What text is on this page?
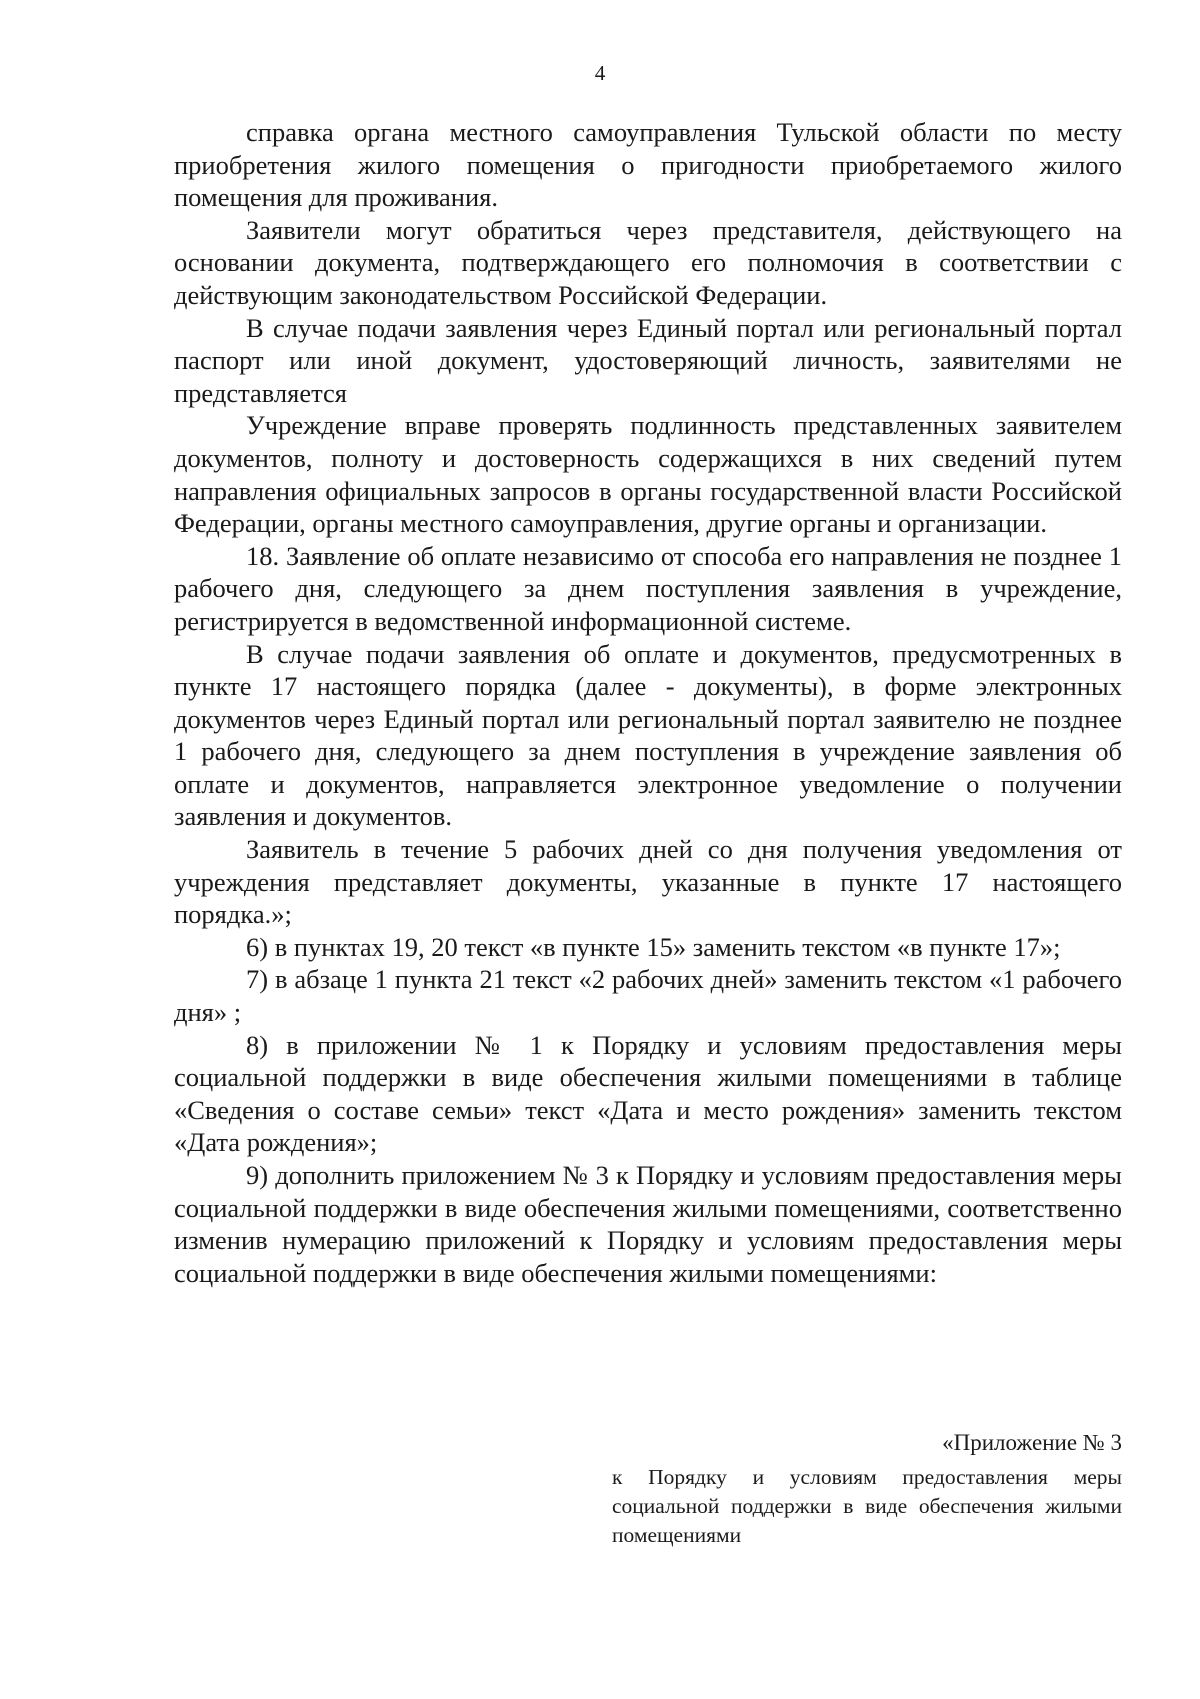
4

справка органа местного самоуправления Тульской области по месту приобретения жилого помещения о пригодности приобретаемого жилого помещения для проживания.

Заявители могут обратиться через представителя, действующего на основании документа, подтверждающего его полномочия в соответствии с действующим законодательством Российской Федерации.

В случае подачи заявления через Единый портал или региональный портал паспорт или иной документ, удостоверяющий личность, заявителями не представляется

Учреждение вправе проверять подлинность представленных заявителем документов, полноту и достоверность содержащихся в них сведений путем направления официальных запросов в органы государственной власти Российской Федерации, органы местного самоуправления, другие органы и организации.

18. Заявление об оплате независимо от способа его направления не позднее 1 рабочего дня, следующего за днем поступления заявления в учреждение, регистрируется в ведомственной информационной системе.

В случае подачи заявления об оплате и документов, предусмотренных в пункте 17 настоящего порядка (далее - документы), в форме электронных документов через Единый портал или региональный портал заявителю не позднее 1 рабочего дня, следующего за днем поступления в учреждение заявления об оплате и документов, направляется электронное уведомление о получении заявления и документов.

Заявитель в течение 5 рабочих дней со дня получения уведомления от учреждения представляет документы, указанные в пункте 17 настоящего порядка.»;

6) в пунктах 19, 20 текст «в пункте 15» заменить текстом «в пункте 17»;

7) в абзаце 1 пункта 21 текст «2 рабочих дней» заменить текстом «1 рабочего дня» ;

8) в приложении № 1 к Порядку и условиям предоставления меры социальной поддержки в виде обеспечения жилыми помещениями в таблице «Сведения о составе семьи» текст «Дата и место рождения» заменить текстом «Дата рождения»;

9) дополнить приложением № 3 к Порядку и условиям предоставления меры социальной поддержки в виде обеспечения жилыми помещениями, соответственно изменив нумерацию приложений к Порядку и условиям предоставления меры социальной поддержки в виде обеспечения жилыми помещениями:

«Приложение № 3
к Порядку и условиям предоставления меры социальной поддержки в виде обеспечения жилыми помещениями
